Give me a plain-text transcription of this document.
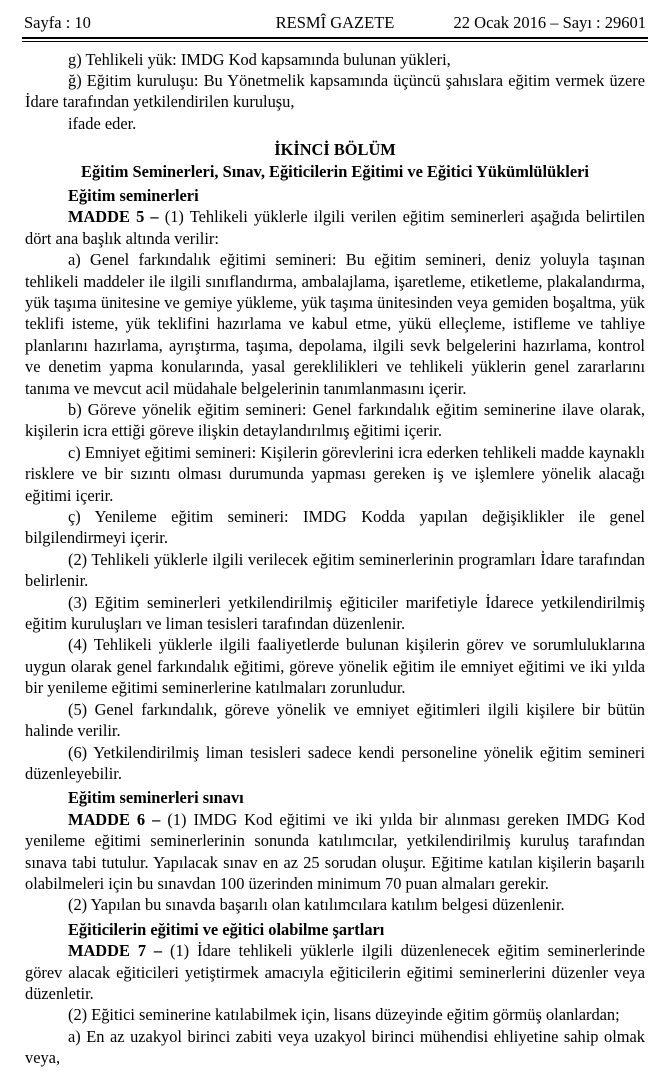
Sayfa : 10	RESMÎ GAZETE	22 Ocak 2016 – Sayı : 29601

g) Tehlikeli yük: IMDG Kod kapsamında bulunan yükleri,

ğ) Eğitim kuruluşu: Bu Yönetmelik kapsamında üçüncü şahıslara eğitim vermek üzere İdare tarafından yetkilendirilen kuruluşu,

ifade eder.

İKİNCİ BÖLÜM

Eğitim Seminerleri, Sınav, Eğiticilerin Eğitimi ve Eğitici Yükümlülükleri

Eğitim seminerleri

MADDE 5 – (1) Tehlikeli yüklerle ilgili verilen eğitim seminerleri aşağıda belirtilen dört ana başlık altında verilir:

a) Genel farkındalık eğitimi semineri: Bu eğitim semineri, deniz yoluyla taşınan tehlikeli maddeler ile ilgili sınıflandırma, ambalajlama, işaretleme, etiketleme, plakalandırma, yük taşıma ünitesine ve gemiye yükleme, yük taşıma ünitesinden veya gemiden boşaltma, yük teklifi isteme, yük teklifini hazırlama ve kabul etme, yükü elleçleme, istifleme ve tahliye planlarını hazırlama, ayrıştırma, taşıma, depolama, ilgili sevk belgelerini hazırlama, kontrol ve denetim yapma konularında, yasal gereklilikleri ve tehlikeli yüklerin genel zararlarını tanıma ve mevcut acil müdahale belgelerinin tanımlanmasını içerir.

b) Göreve yönelik eğitim semineri: Genel farkındalık eğitim seminerine ilave olarak, kişilerin icra ettiği göreve ilişkin detaylandırılmış eğitimi içerir.

c) Emniyet eğitimi semineri: Kişilerin görevlerini icra ederken tehlikeli madde kaynaklı risklere ve bir sızıntı olması durumunda yapması gereken iş ve işlemlere yönelik alacağı eğitimi içerir.

ç) Yenileme eğitim semineri: IMDG Kodda yapılan değişiklikler ile genel bilgilendirmeyi içerir.

(2) Tehlikeli yüklerle ilgili verilecek eğitim seminerlerinin programları İdare tarafından belirlenir.

(3) Eğitim seminerleri yetkilendirilmiş eğiticiler marifetiyle İdarece yetkilendirilmiş eğitim kuruluşları ve liman tesisleri tarafından düzenlenir.

(4) Tehlikeli yüklerle ilgili faaliyetlerde bulunan kişilerin görev ve sorumluluklarına uygun olarak genel farkındalık eğitimi, göreve yönelik eğitim ile emniyet eğitimi ve iki yılda bir yenileme eğitimi seminerlerine katılmaları zorunludur.

(5) Genel farkındalık, göreve yönelik ve emniyet eğitimleri ilgili kişilere bir bütün halinde verilir.

(6) Yetkilendirilmiş liman tesisleri sadece kendi personeline yönelik eğitim semineri düzenleyebilir.

Eğitim seminerleri sınavı

MADDE 6 – (1) IMDG Kod eğitimi ve iki yılda bir alınması gereken IMDG Kod yenileme eğitimi seminerlerinin sonunda katılımcılar, yetkilendirilmiş kuruluş tarafından sınava tabi tutulur. Yapılacak sınav en az 25 sorudan oluşur. Eğitime katılan kişilerin başarılı olabilmeleri için bu sınavdan 100 üzerinden minimum 70 puan almaları gerekir.

(2) Yapılan bu sınavda başarılı olan katılımcılara katılım belgesi düzenlenir.

Eğiticilerin eğitimi ve eğitici olabilme şartları

MADDE 7 – (1) İdare tehlikeli yüklerle ilgili düzenlenecek eğitim seminerlerinde görev alacak eğiticileri yetiştirmek amacıyla eğiticilerin eğitimi seminerlerini düzenler veya düzenletir.

(2) Eğitici seminerine katılabilmek için, lisans düzeyinde eğitim görmüş olanlardan;

a) En az uzakyol birinci zabiti veya uzakyol birinci mühendisi ehliyetine sahip olmak veya,
